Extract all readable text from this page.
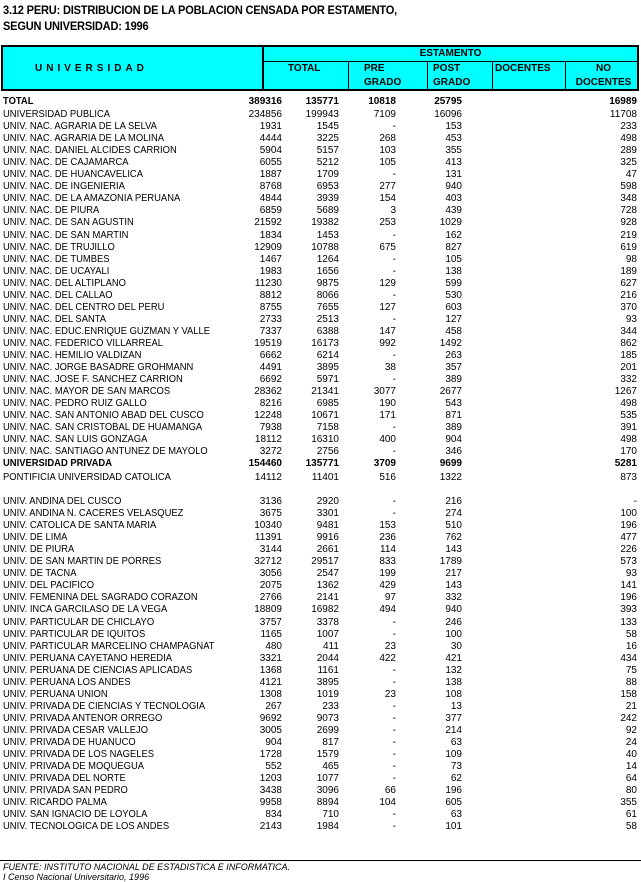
3.12 PERU: DISTRIBUCION DE LA POBLACION CENSADA POR ESTAMENTO,
SEGUN UNIVERSIDAD: 1996
UNIVERSIDAD
ESTAMENTO
TOTAL	PRE
GRADO
POST
GRADO
DOCENTES	NO
DOCENTES
TOTAL	389316	135771	10818	25795	16989
UNIVERSIDAD PUBLICA	234856	199943	7109	16096	11708
UNIV. NAC. AGRARIA DE LA SELVA	1931	1545	-	153	233
UNIV. NAC. AGRARIA DE LA MOLINA	4444	3225	268	453	498
UNIV. NAC. DANIEL ALCIDES CARRION	5904	5157	103	355	289
UNIV. NAC. DE CAJAMARCA	6055	5212	105	413	325
UNIV. NAC. DE HUANCAVELICA	1887	1709	-	131	47
UNIV. NAC. DE INGENIERIA	8768	6953	277	940	598
UNIV. NAC. DE LA AMAZONIA PERUANA	4844	3939	154	403	348
UNIV. NAC. DE PIURA	6859	5689	3	439	728
UNIV. NAC. DE SAN AGUSTIN	21592	19382	253	1029	928
UNIV. NAC. DE SAN MARTIN	1834	1453	-	162	219
UNIV. NAC. DE TRUJILLO	12909	10788	675	827	619
UNIV. NAC. DE TUMBES	1467	1264	-	105	98
UNIV. NAC. DE UCAYALI	1983	1656	-	138	189
UNIV. NAC. DEL ALTIPLANO	11230	9875	129	599	627
UNIV. NAC. DEL CALLAO	8812	8066	-	530	216
UNIV. NAC. DEL CENTRO DEL PERU	8755	7655	127	603	370
UNIV. NAC. DEL SANTA	2733	2513	-	127	93
UNIV. NAC. EDUC.ENRIQUE GUZMAN Y VALLE	7337	6388	147	458	344
UNIV. NAC. FEDERICO VILLARREAL	19519	16173	992	1492	862
UNIV. NAC. HEMILIO VALDIZAN	6662	6214	-	263	185
UNIV. NAC. JORGE BASADRE GROHMANN	4491	3895	38	357	201
UNIV. NAC. JOSE F. SANCHEZ CARRION	6692	5971	-	389	332
UNIV. NAC. MAYOR DE SAN MARCOS	28362	21341	3077	2677	1267
UNIV. NAC. PEDRO RUIZ GALLO	8216	6985	190	543	498
UNIV. NAC. SAN ANTONIO ABAD DEL CUSCO	12248	10671	171	871	535
UNIV. NAC. SAN CRISTOBAL DE HUAMANGA	7938	7158	-	389	391
UNIV. NAC. SAN LUIS GONZAGA	18112	16310	400	904	498
UNIV. NAC. SANTIAGO ANTUNEZ DE MAYOLO	3272	2756	-	346	170
UNIVERSIDAD PRIVADA	154460	135771	3709	9699	5281
PONTIFICIA UNIVERSIDAD CATOLICA	14112	11401	516	1322	873
UNIV. ANDINA DEL CUSCO	3136	2920	-	216	-
UNIV. ANDINA N. CACERES VELASQUEZ	3675	3301	-	274	100
UNIV. CATOLICA DE SANTA MARIA	10340	9481	153	510	196
UNIV. DE LIMA	11391	9916	236	762	477
UNIV. DE PIURA	3144	2661	114	143	226
UNIV. DE SAN MARTIN DE PORRES	32712	29517	833	1789	573
UNIV. DE TACNA	3056	2547	199	217	93
UNIV. DEL PACIFICO	2075	1362	429	143	141
UNIV. FEMENINA DEL SAGRADO CORAZON	2766	2141	97	332	196
UNIV. INCA GARCILASO DE LA VEGA	18809	16982	494	940	393
UNIV. PARTICULAR DE CHICLAYO	3757	3378	-	246	133
UNIV. PARTICULAR DE IQUITOS	1165	1007	-	100	58
UNIV. PARTICULAR MARCELINO CHAMPAGNAT	480	411	23	30	16
UNIV. PERUANA CAYETANO HEREDIA	3321	2044	422	421	434
UNIV. PERUANA DE CIENCIAS APLICADAS	1368	1161	-	132	75
UNIV. PERUANA LOS ANDES	4121	3895	-	138	88
UNIV. PERUANA UNION	1308	1019	23	108	158
UNIV. PRIVADA DE CIENCIAS Y TECNOLOGIA	267	233	-	13	21
UNIV. PRIVADA ANTENOR ORREGO	9692	9073	-	377	242
UNIV. PRIVADA CESAR VALLEJO	3005	2699	-	214	92
UNIV. PRIVADA DE HUANUCO	904	817	-	63	24
UNIV. PRIVADA DE LOS NAGELES	1728	1579	-	109	40
UNIV. PRIVADA DE MOQUEGUA	552	465	-	73	14
UNIV. PRIVADA DEL NORTE	1203	1077	-	62	64
UNIV. PRIVADA SAN PEDRO	3438	3096	66	196	80
UNIV. RICARDO PALMA	9958	8894	104	605	355
UNIV. SAN IGNACIO DE LOYOLA	834	710	-	63	61
UNIV. TECNOLOGICA DE LOS ANDES	2143	1984	-	101	58
FUENTE: INSTITUTO NACIONAL DE ESTADISTICA E INFORMATICA.
I Censo Nacional Universitario, 1996
